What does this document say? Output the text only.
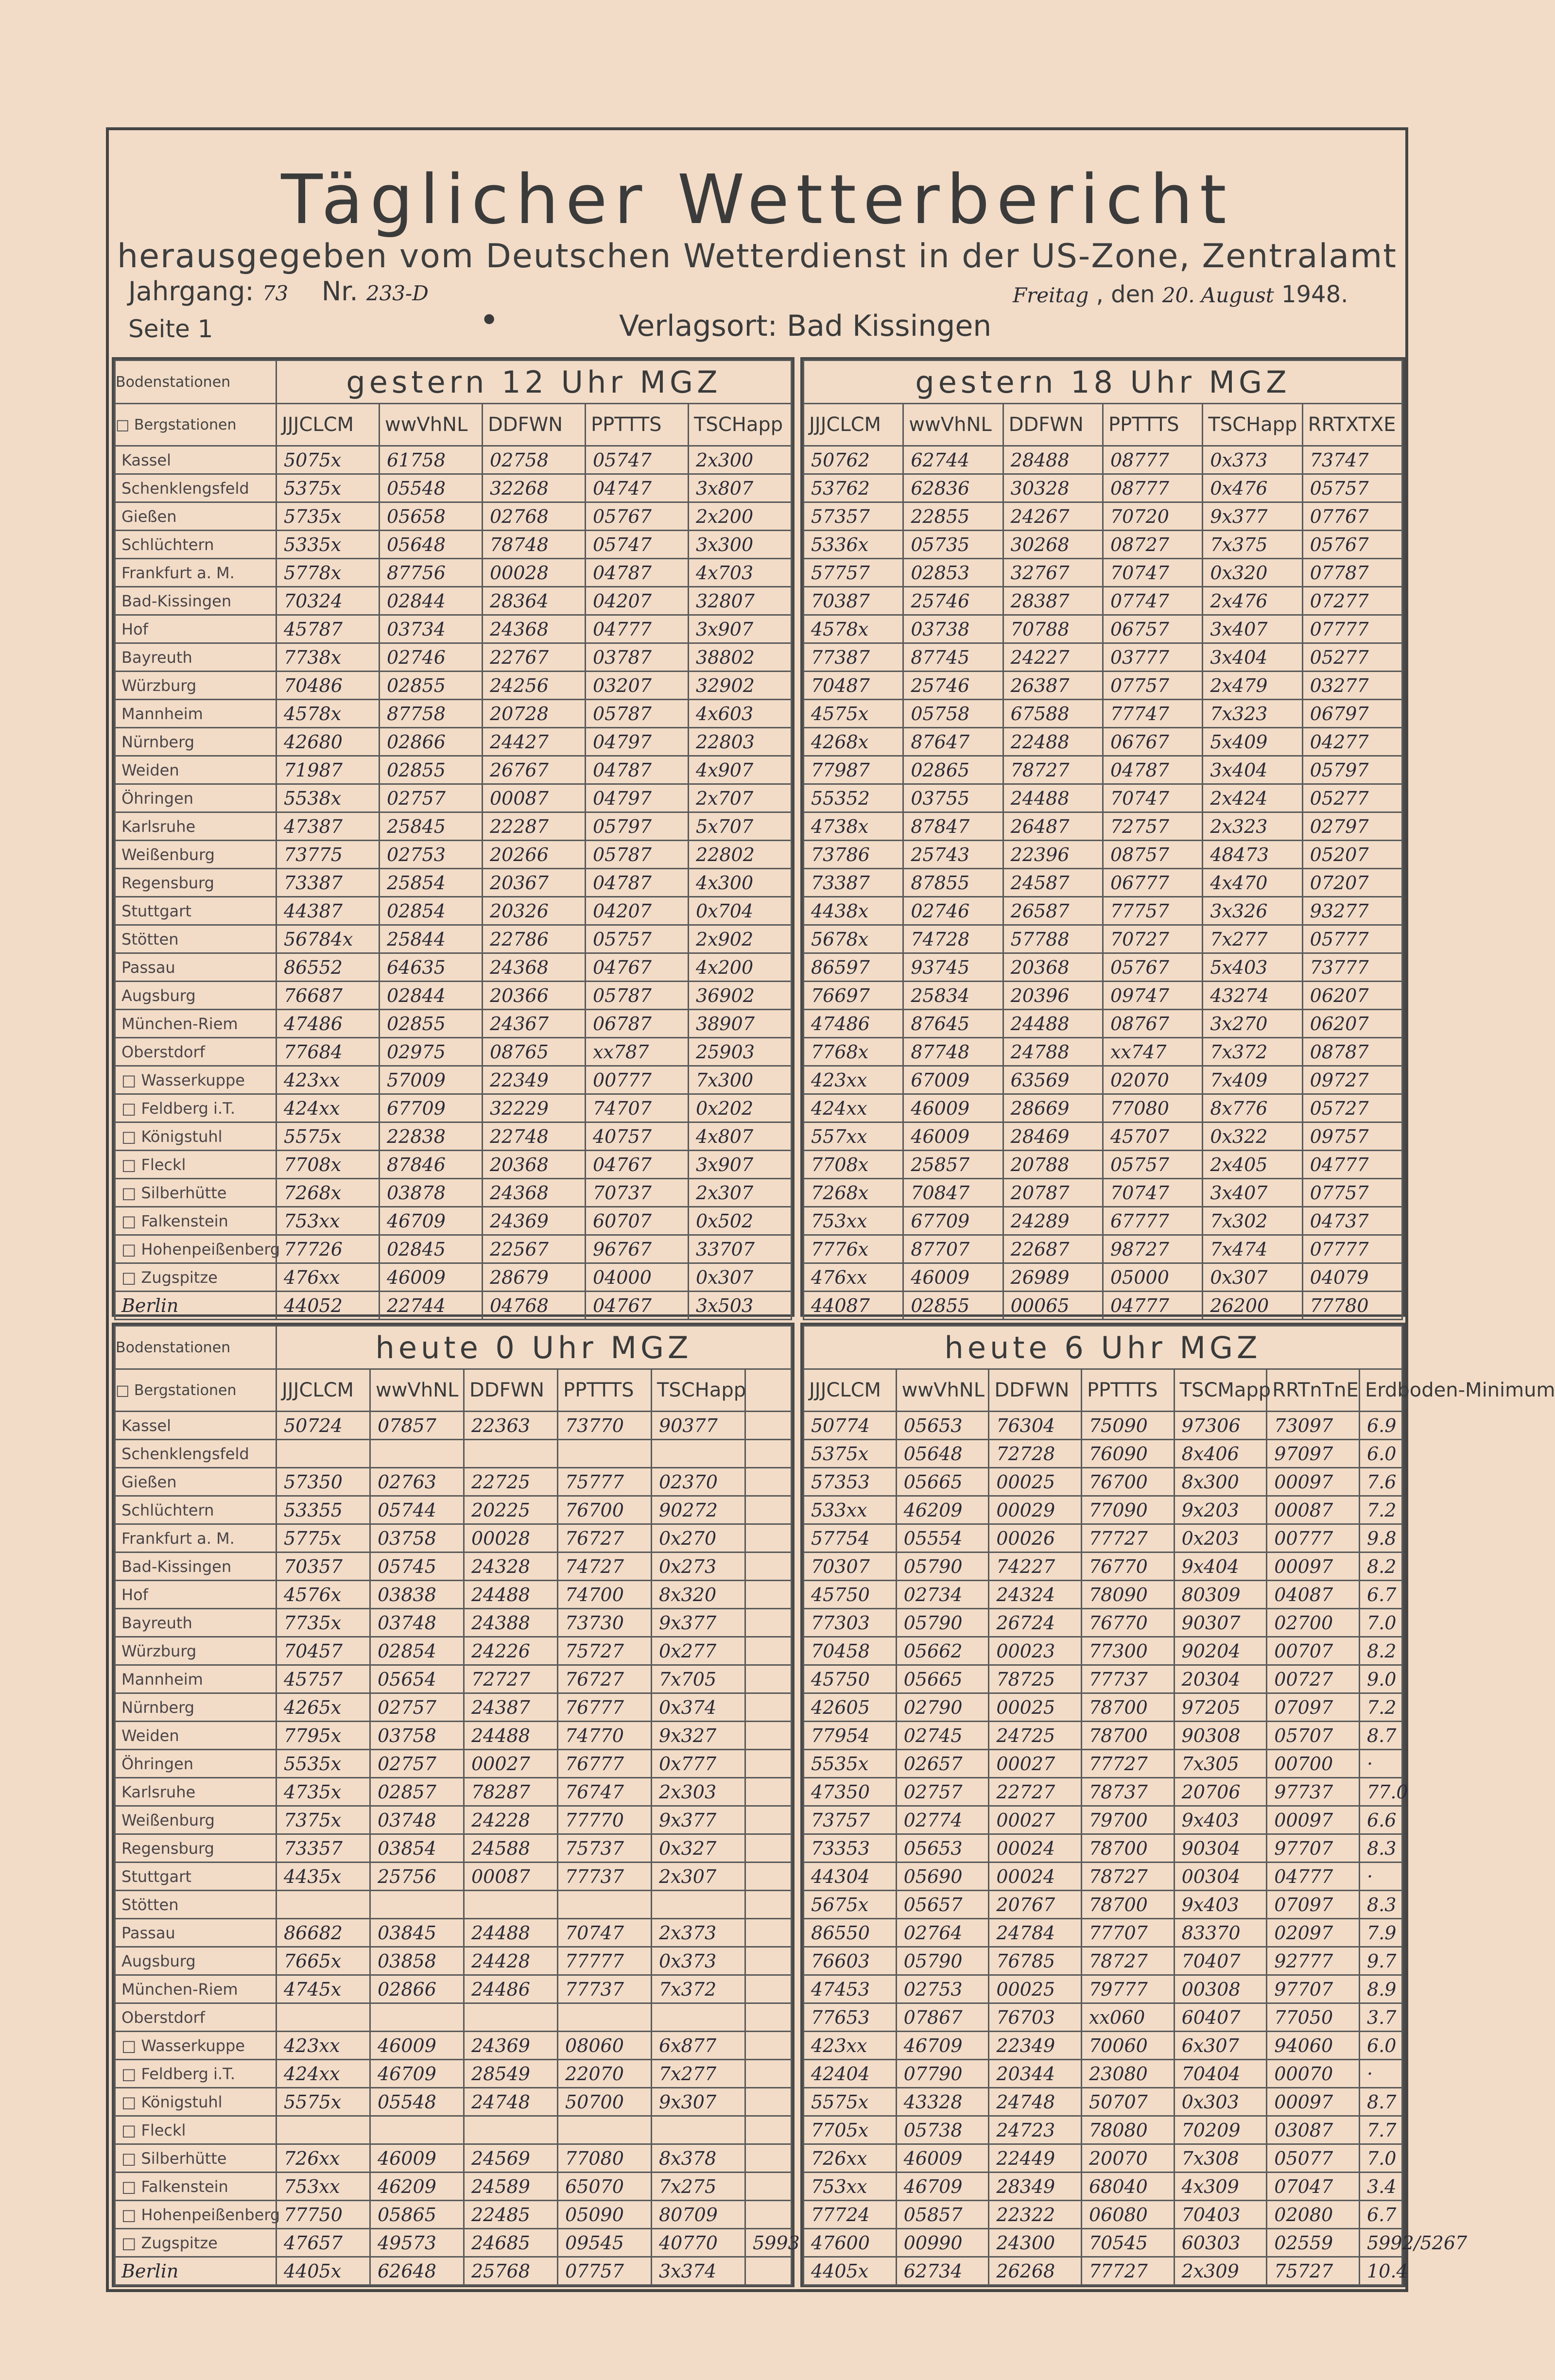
Täglicher Wetterbericht
herausgegeben vom Deutschen Wetterdienst in der US-Zone, Zentralamt
Jahrgang: 73 Nr. 233-D	Freitag , den 20. August 1948.
Seite 1	•	Verlagsort: Bad Kissingen
Bodenstationen	gestern 12 Uhr MGZ				
□ Bergstationen	JJJCLCM	wwVhNL	DDFWN	PPTTTS	TSCHapp
Kassel	5075x	61758	02758	05747	2x300
Schenklengsfeld	5375x	05548	32268	04747	3x807
Gießen	5735x	05658	02768	05767	2x200
Schlüchtern	5335x	05648	78748	05747	3x300
Frankfurt a. M.	5778x	87756	00028	04787	4x703
Bad-Kissingen	70324	02844	28364	04207	32807
Hof	45787	03734	24368	04777	3x907
Bayreuth	7738x	02746	22767	03787	38802
Würzburg	70486	02855	24256	03207	32902
Mannheim	4578x	87758	20728	05787	4x603
Nürnberg	42680	02866	24427	04797	22803
Weiden	71987	02855	26767	04787	4x907
Öhringen	5538x	02757	00087	04797	2x707
Karlsruhe	47387	25845	22287	05797	5x707
Weißenburg	73775	02753	20266	05787	22802
Regensburg	73387	25854	20367	04787	4x300
Stuttgart	44387	02854	20326	04207	0x704
Stötten	56784x	25844	22786	05757	2x902
Passau	86552	64635	24368	04767	4x200
Augsburg	76687	02844	20366	05787	36902
München-Riem	47486	02855	24367	06787	38907
Oberstdorf	77684	02975	08765	xx787	25903
□ Wasserkuppe	423xx	57009	22349	00777	7x300
□ Feldberg i.T.	424xx	67709	32229	74707	0x202
□ Königstuhl	5575x	22838	22748	40757	4x807
□ Fleckl	7708x	87846	20368	04767	3x907
□ Silberhütte	7268x	03878	24368	70737	2x307
□ Falkenstein	753xx	46709	24369	60707	0x502
□ Hohenpeißenberg	77726	02845	22567	96767	33707
□ Zugspitze	476xx	46009	28679	04000	0x307
Berlin	44052	22744	04768	04767	3x503
gestern 18 Uhr MGZ					
JJJCLCM	wwVhNL	DDFWN	PPTTTS	TSCHapp	RRTXTXE
50762	62744	28488	08777	0x373	73747
53762	62836	30328	08777	0x476	05757
57357	22855	24267	70720	9x377	07767
5336x	05735	30268	08727	7x375	05767
57757	02853	32767	70747	0x320	07787
70387	25746	28387	07747	2x476	07277
4578x	03738	70788	06757	3x407	07777
77387	87745	24227	03777	3x404	05277
70487	25746	26387	07757	2x479	03277
4575x	05758	67588	77747	7x323	06797
4268x	87647	22488	06767	5x409	04277
77987	02865	78727	04787	3x404	05797
55352	03755	24488	70747	2x424	05277
4738x	87847	26487	72757	2x323	02797
73786	25743	22396	08757	48473	05207
73387	87855	24587	06777	4x470	07207
4438x	02746	26587	77757	3x326	93277
5678x	74728	57788	70727	7x277	05777
86597	93745	20368	05767	5x403	73777
76697	25834	20396	09747	43274	06207
47486	87645	24488	08767	3x270	06207
7768x	87748	24788	xx747	7x372	08787
423xx	67009	63569	02070	7x409	09727
424xx	46009	28669	77080	8x776	05727
557xx	46009	28469	45707	0x322	09757
7708x	25857	20788	05757	2x405	04777
7268x	70847	20787	70747	3x407	07757
753xx	67709	24289	67777	7x302	04737
7776x	87707	22687	98727	7x474	07777
476xx	46009	26989	05000	0x307	04079
44087	02855	00065	04777	26200	77780
Bodenstationen	heute 0 Uhr MGZ					
□ Bergstationen	JJJCLCM	wwVhNL	DDFWN	PPTTTS	TSCHapp	
Kassel	50724	07857	22363	73770	90377	
Schenklengsfeld						
Gießen	57350	02763	22725	75777	02370	
Schlüchtern	53355	05744	20225	76700	90272	
Frankfurt a. M.	5775x	03758	00028	76727	0x270	
Bad-Kissingen	70357	05745	24328	74727	0x273	
Hof	4576x	03838	24488	74700	8x320	
Bayreuth	7735x	03748	24388	73730	9x377	
Würzburg	70457	02854	24226	75727	0x277	
Mannheim	45757	05654	72727	76727	7x705	
Nürnberg	4265x	02757	24387	76777	0x374	
Weiden	7795x	03758	24488	74770	9x327	
Öhringen	5535x	02757	00027	76777	0x777	
Karlsruhe	4735x	02857	78287	76747	2x303	
Weißenburg	7375x	03748	24228	77770	9x377	
Regensburg	73357	03854	24588	75737	0x327	
Stuttgart	4435x	25756	00087	77737	2x307	
Stötten						
Passau	86682	03845	24488	70747	2x373	
Augsburg	7665x	03858	24428	77777	0x373	
München-Riem	4745x	02866	24486	77737	7x372	
Oberstdorf						
□ Wasserkuppe	423xx	46009	24369	08060	6x877	
□ Feldberg i.T.	424xx	46709	28549	22070	7x277	
□ Königstuhl	5575x	05548	24748	50700	9x307	
□ Fleckl						
□ Silberhütte	726xx	46009	24569	77080	8x378	
□ Falkenstein	753xx	46209	24589	65070	7x275	
□ Hohenpeißenberg	77750	05865	22485	05090	80709	
□ Zugspitze	47657	49573	24685	09545	40770	5993
Berlin	4405x	62648	25768	07757	3x374	
heute 6 Uhr MGZ						
JJJCLCM	wwVhNL	DDFWN	PPTTTS	TSCMapp	RRTnTnE	Erdboden-Minimum
50774	05653	76304	75090	97306	73097	6.9
5375x	05648	72728	76090	8x406	97097	6.0
57353	05665	00025	76700	8x300	00097	7.6
533xx	46209	00029	77090	9x203	00087	7.2
57754	05554	00026	77727	0x203	00777	9.8
70307	05790	74227	76770	9x404	00097	8.2
45750	02734	24324	78090	80309	04087	6.7
77303	05790	26724	76770	90307	02700	7.0
70458	05662	00023	77300	90204	00707	8.2
45750	05665	78725	77737	20304	00727	9.0
42605	02790	00025	78700	97205	07097	7.2
77954	02745	24725	78700	90308	05707	8.7
5535x	02657	00027	77727	7x305	00700	·
47350	02757	22727	78737	20706	97737	77.0
73757	02774	00027	79700	9x403	00097	6.6
73353	05653	00024	78700	90304	97707	8.3
44304	05690	00024	78727	00304	04777	·
5675x	05657	20767	78700	9x403	07097	8.3
86550	02764	24784	77707	83370	02097	7.9
76603	05790	76785	78727	70407	92777	9.7
47453	02753	00025	79777	00308	97707	8.9
77653	07867	76703	xx060	60407	77050	3.7
423xx	46709	22349	70060	6x307	94060	6.0
42404	07790	20344	23080	70404	00070	·
5575x	43328	24748	50707	0x303	00097	8.7
7705x	05738	24723	78080	70209	03087	7.7
726xx	46009	22449	20070	7x308	05077	7.0
753xx	46709	28349	68040	4x309	07047	3.4
77724	05857	22322	06080	70403	02080	6.7
47600	00990	24300	70545	60303	02559	5992/5267
4405x	62734	26268	77727	2x309	75727	10.4
